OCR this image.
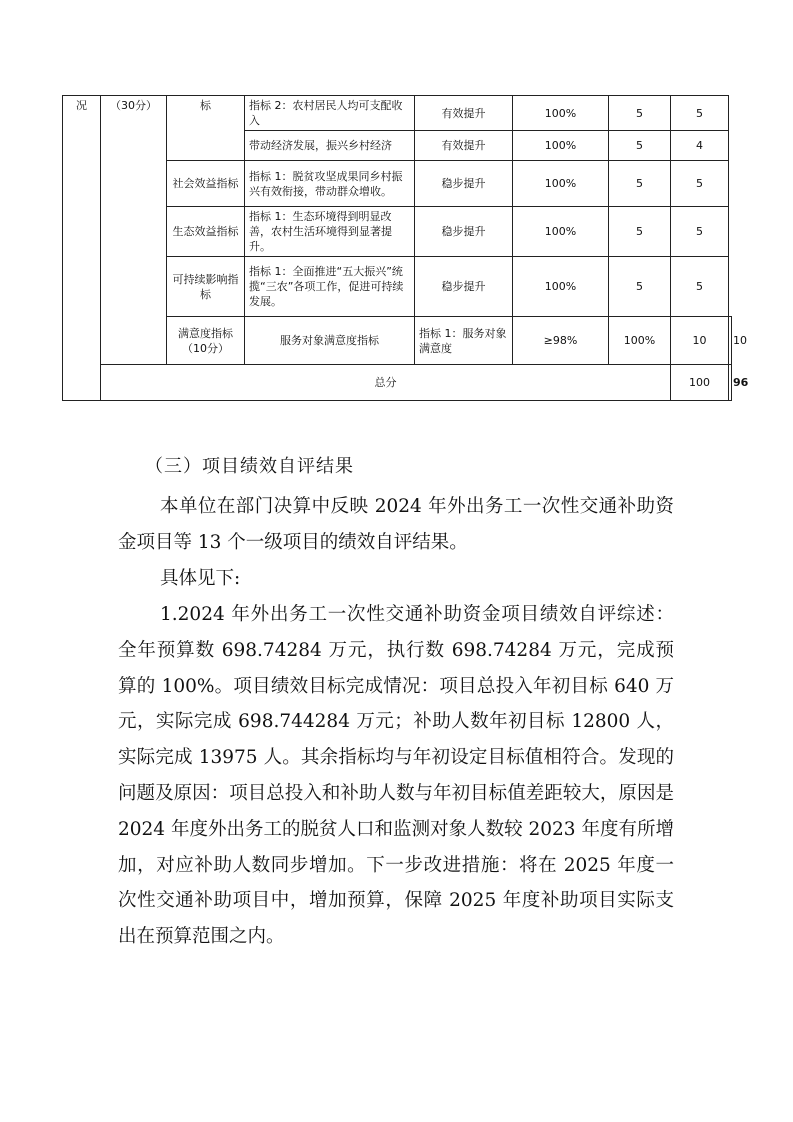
况	（30分）	标	指标 2：农村居民人均可支配收入	有效提升	100%	5	5	
			带动经济发展，振兴乡村经济	有效提升	100%	5	4	
		社会效益指标	指标 1：脱贫攻坚成果同乡村振兴有效衔接，带动群众增收。	稳步提升	100%	5	5	
		生态效益指标	指标 1：生态环境得到明显改善，农村生活环境得到显著提升。	稳步提升	100%	5	5	
		可持续影响指标	指标 1：全面推进“五大振兴”统揽“三农”各项工作，促进可持续发展。	稳步提升	100%	5	5	
		满意度指标（10分）	服务对象满意度指标	指标 1：服务对象满意度	≥98%	100%	10	10
	总分						100	96
（三）项目绩效自评结果

本单位在部门决算中反映 2024 年外出务工一次性交通补助资金项目等 13 个一级项目的绩效自评结果。

具体见下:

1.2024 年外出务工一次性交通补助资金项目绩效自评综述：全年预算数 698.74284 万元，执行数 698.74284 万元，完成预算的 100%。项目绩效目标完成情况：项目总投入年初目标 640 万元，实际完成 698.744284 万元；补助人数年初目标 12800 人，实际完成 13975 人。其余指标均与年初设定目标值相符合。发现的问题及原因：项目总投入和补助人数与年初目标值差距较大，原因是 2024 年度外出务工的脱贫人口和监测对象人数较 2023 年度有所增加，对应补助人数同步增加。下一步改进措施：将在 2025 年度一次性交通补助项目中，增加预算，保障 2025 年度补助项目实际支出在预算范围之内。
